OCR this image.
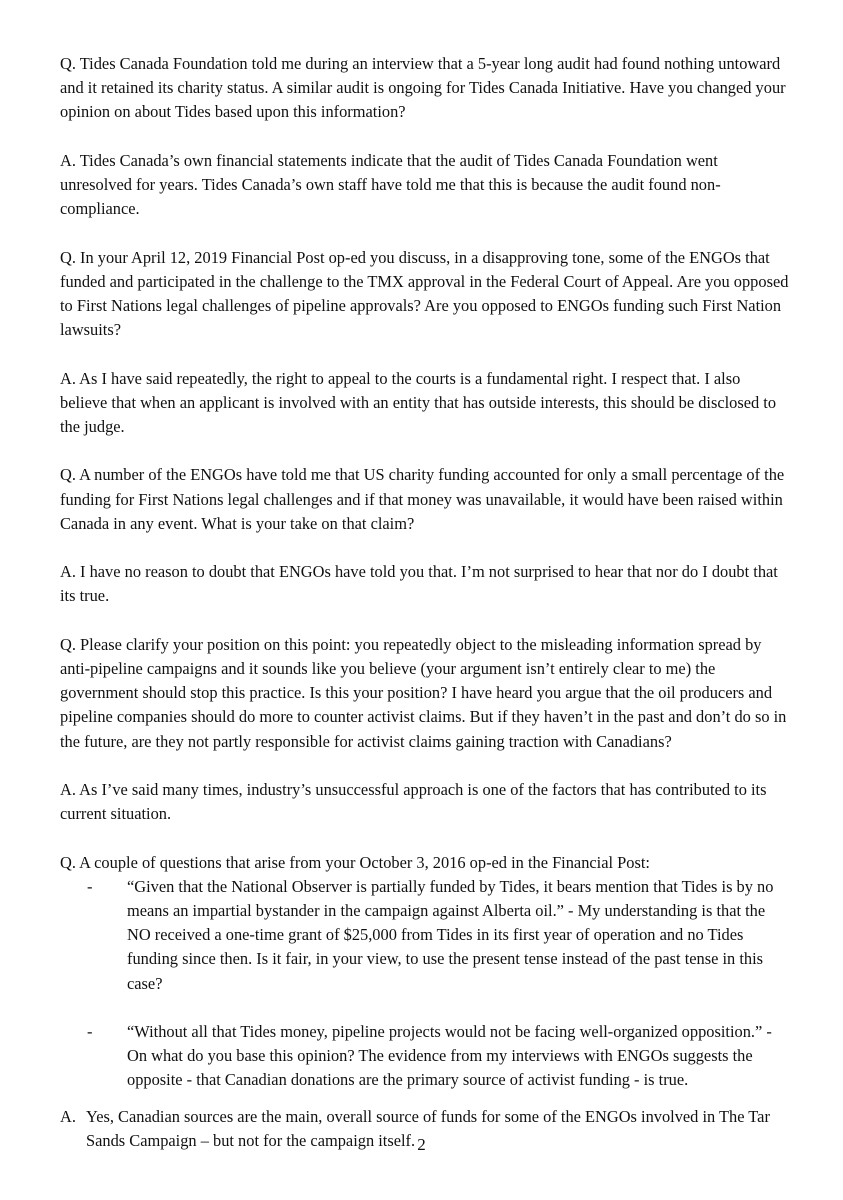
Q. Tides Canada Foundation told me during an interview that a 5-year long audit had found nothing untoward and it retained its charity status. A similar audit is ongoing for Tides Canada Initiative. Have you changed your opinion on about Tides based upon this information?

A. Tides Canada’s own financial statements indicate that the audit of Tides Canada Foundation went unresolved for years. Tides Canada’s own staff have told me that this is because the audit found non-compliance.

Q. In your April 12, 2019 Financial Post op-ed you discuss, in a disapproving tone, some of the ENGOs that funded and participated in the challenge to the TMX approval in the Federal Court of Appeal. Are you opposed to First Nations legal challenges of pipeline approvals? Are you opposed to ENGOs funding such First Nation lawsuits?

A. As I have said repeatedly, the right to appeal to the courts is a fundamental right. I respect that. I also believe that when an applicant is involved with an entity that has outside interests, this should be disclosed to the judge.

Q. A number of the ENGOs have told me that US charity funding accounted for only a small percentage of the funding for First Nations legal challenges and if that money was unavailable, it would have been raised within Canada in any event. What is your take on that claim?

A. I have no reason to doubt that ENGOs have told you that. I’m not surprised to hear that nor do I doubt that its true.

Q. Please clarify your position on this point: you repeatedly object to the misleading information spread by anti-pipeline campaigns and it sounds like you believe (your argument isn’t entirely clear to me) the government should stop this practice. Is this your position? I have heard you argue that the oil producers and pipeline companies should do more to counter activist claims. But if they haven’t in the past and don’t do so in the future, are they not partly responsible for activist claims gaining traction with Canadians?

A. As I’ve said many times, industry’s unsuccessful approach is one of the factors that has contributed to its current situation.

Q. A couple of questions that arise from your October 3, 2016 op-ed in the Financial Post:
- “Given that the National Observer is partially funded by Tides, it bears mention that Tides is by no means an impartial bystander in the campaign against Alberta oil.” - My understanding is that the NO received a one-time grant of $25,000 from Tides in its first year of operation and no Tides funding since then. Is it fair, in your view, to use the present tense instead of the past tense in this case?
- “Without all that Tides money, pipeline projects would not be facing well-organized opposition.” - On what do you base this opinion? The evidence from my interviews with ENGOs suggests the opposite - that Canadian donations are the primary source of activist funding - is true.
A. Yes, Canadian sources are the main, overall source of funds for some of the ENGOs involved in The Tar Sands Campaign – but not for the campaign itself. 2
